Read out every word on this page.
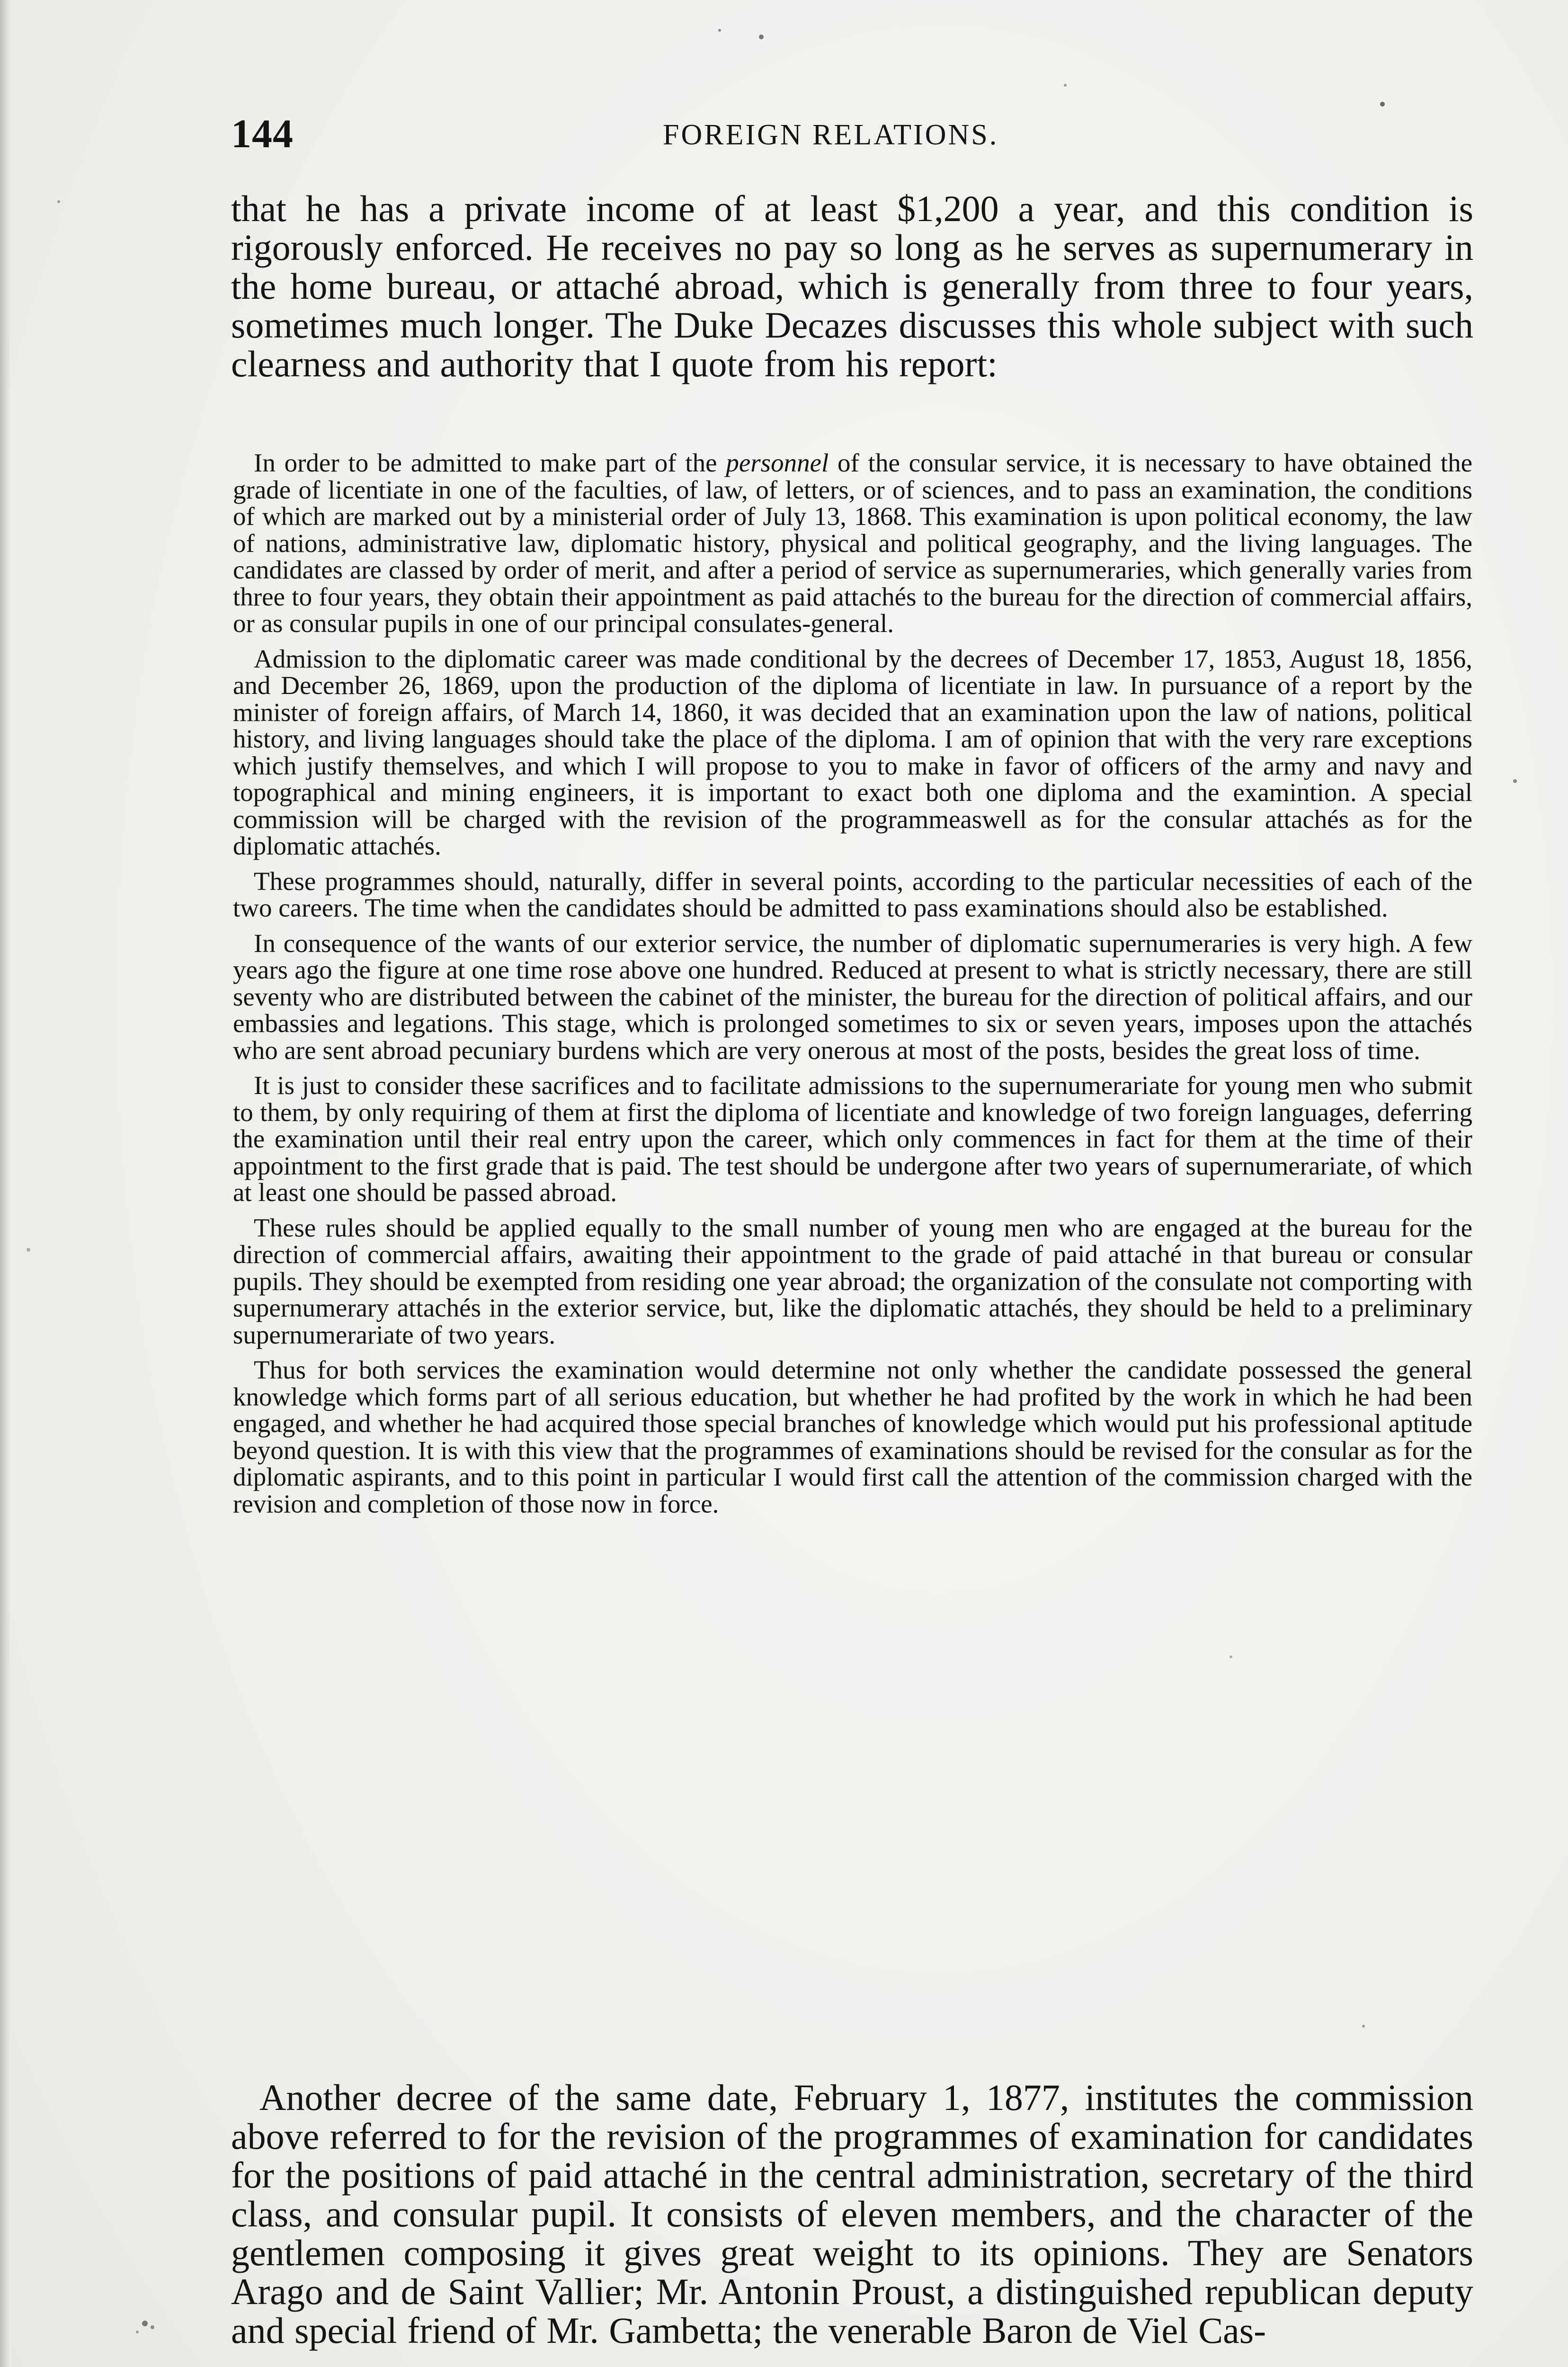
144	FOREIGN RELATIONS.

that he has a private income of at least $1,200 a year, and this condition is rigorously enforced. He receives no pay so long as he serves as supernumerary in the home bureau, or attaché abroad, which is generally from three to four years, sometimes much longer. The Duke Decazes discusses this whole subject with such clearness and authority that I quote from his report:

In order to be admitted to make part of the personnel of the consular service, it is necessary to have obtained the grade of licentiate in one of the faculties, of law, of letters, or of sciences, and to pass an examination, the conditions of which are marked out by a ministerial order of July 13, 1868. This examination is upon political economy, the law of nations, administrative law, diplomatic history, physical and political geography, and the living languages. The candidates are classed by order of merit, and after a period of service as supernumeraries, which generally varies from three to four years, they obtain their appointment as paid attachés to the bureau for the direction of commercial affairs, or as consular pupils in one of our principal consulates-general.

Admission to the diplomatic career was made conditional by the decrees of December 17, 1853, August 18, 1856, and December 26, 1869, upon the production of the diploma of licentiate in law. In pursuance of a report by the minister of foreign affairs, of March 14, 1860, it was decided that an examination upon the law of nations, political history, and living languages should take the place of the diploma. I am of opinion that with the very rare exceptions which justify themselves, and which I will propose to you to make in favor of officers of the army and navy and topographical and mining engineers, it is important to exact both one diploma and the examintion. A special commission will be charged with the revision of the programmeaswell as for the consular attachés as for the diplomatic attachés.

These programmes should, naturally, differ in several points, according to the particular necessities of each of the two careers. The time when the candidates should be admitted to pass examinations should also be established.

In consequence of the wants of our exterior service, the number of diplomatic supernumeraries is very high. A few years ago the figure at one time rose above one hundred. Reduced at present to what is strictly necessary, there are still seventy who are distributed between the cabinet of the minister, the bureau for the direction of political affairs, and our embassies and legations. This stage, which is prolonged sometimes to six or seven years, imposes upon the attachés who are sent abroad pecuniary burdens which are very onerous at most of the posts, besides the great loss of time.

It is just to consider these sacrifices and to facilitate admissions to the supernumerariate for young men who submit to them, by only requiring of them at first the diploma of licentiate and knowledge of two foreign languages, deferring the examination until their real entry upon the career, which only commences in fact for them at the time of their appointment to the first grade that is paid. The test should be undergone after two years of supernumerariate, of which at least one should be passed abroad.

These rules should be applied equally to the small number of young men who are engaged at the bureau for the direction of commercial affairs, awaiting their appointment to the grade of paid attaché in that bureau or consular pupils. They should be exempted from residing one year abroad; the organization of the consulate not comporting with supernumerary attachés in the exterior service, but, like the diplomatic attachés, they should be held to a preliminary supernumerariate of two years.

Thus for both services the examination would determine not only whether the candidate possessed the general knowledge which forms part of all serious education, but whether he had profited by the work in which he had been engaged, and whether he had acquired those special branches of knowledge which would put his professional aptitude beyond question. It is with this view that the programmes of examinations should be revised for the consular as for the diplomatic aspirants, and to this point in particular I would first call the attention of the commission charged with the revision and completion of those now in force.

Another decree of the same date, February 1, 1877, institutes the commission above referred to for the revision of the programmes of examination for candidates for the positions of paid attaché in the central administration, secretary of the third class, and consular pupil. It consists of eleven members, and the character of the gentlemen composing it gives great weight to its opinions. They are Senators Arago and de Saint Vallier; Mr. Antonin Proust, a distinguished republican deputy and special friend of Mr. Gambetta; the venerable Baron de Viel Cas-
